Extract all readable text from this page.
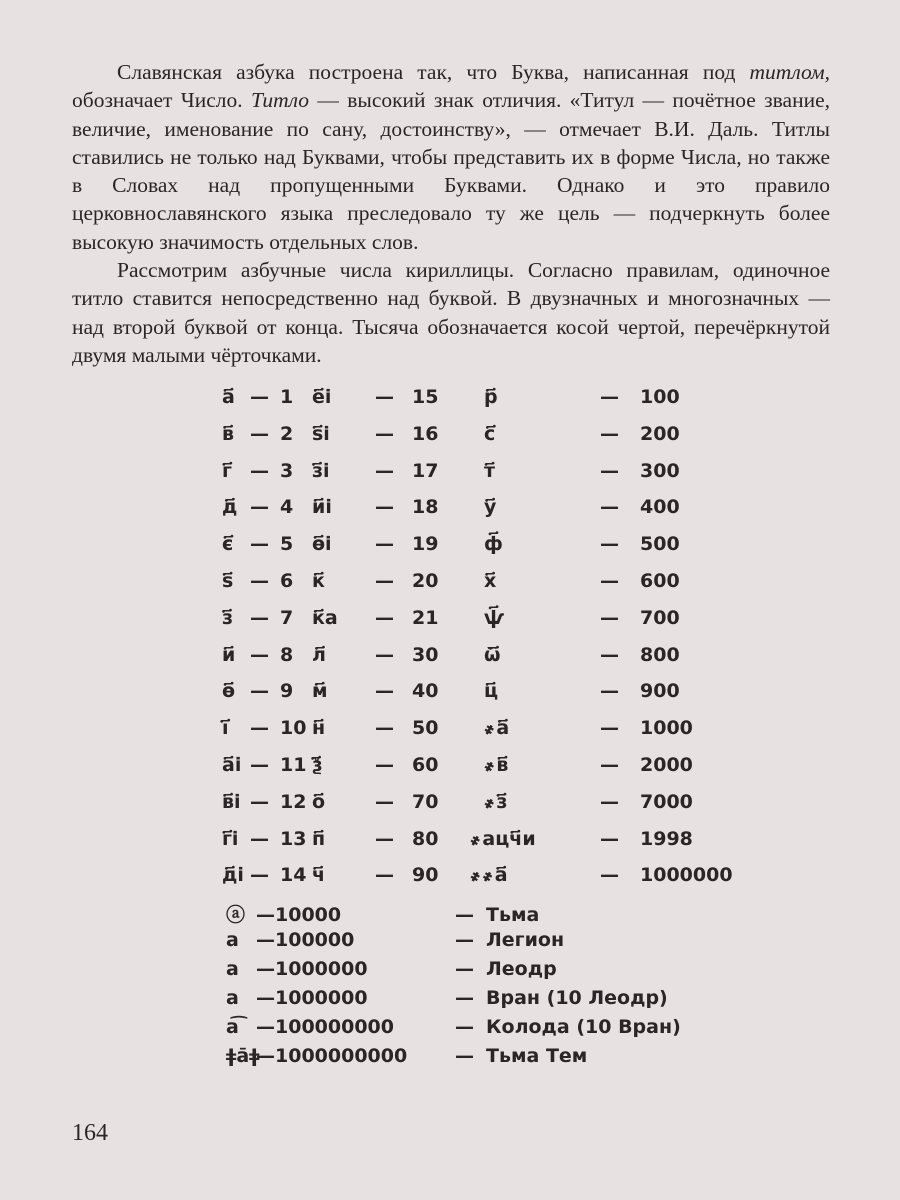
Славянская азбука построена так, что Буква, написанная под титлом, обозначает Число. Титло — высокий знак отличия. «Титул — почётное звание, величие, именование по сану, достоинству», — отмечает В.И. Даль. Титлы ставились не только над Буквами, чтобы представить их в форме Числа, но также в Словах над пропущенными Буквами. Однако и это правило церковнославянского языка преследовало ту же цель — подчеркнуть более высокую значимость отдельных слов.

Рассмотрим азбучные числа кириллицы. Согласно правилам, одиночное титло ставится непосредственно над буквой. В двузначных и многозначных — над второй буквой от конца. Тысяча обозначается косой чертой, перечёркнутой двумя малыми чёрточками.

а҃ — 1 е҃і — 15 р҃	— 100
в҃ — 2 ѕ҃і — 16 с҃	— 200
г҃ — 3 з҃і — 17 т҃	— 300
д҃ — 4 и҃і — 18 у҃	— 400
є҃ — 5 ѳ҃і — 19 ф҃	— 500
ѕ҃ — 6 к҃	— 20 х҃	— 600
з҃ — 7 к҃а — 21 ѱ҃	— 700
и҃ — 8 л҃	— 30 ѿ҃	— 800
ѳ҃ — 9 м҃ — 40 ц҃	— 900
і҃ — 10 н҃	— 50 ҂а҃	— 1000
а҃і — 11 ѯ҃	— 60 ҂в҃	— 2000
в҃і — 12 о҃	— 70 ҂з҃	— 7000
г҃і — 13 п҃	— 80 ҂ацч҃и	— 1998
д҃і — 14 ч҃	— 90 ҂҂а҃	— 1000000
ⓐ —10000	— Тьма
а —100000	— Легион
а —1000000	— Леодр
а —1000000	— Вран (10 Леодр)
а͡ —100000000	— Колода (10 Вран)
ǂа̄ǂ—1000000000	— Тьма Тем
164
